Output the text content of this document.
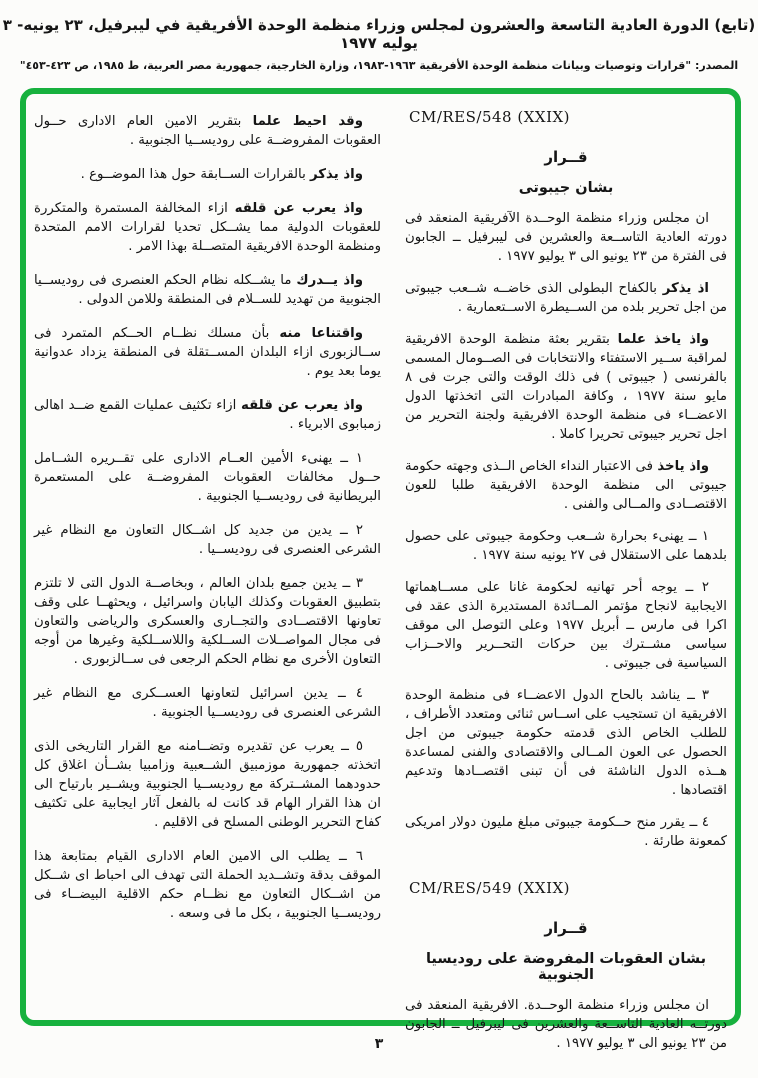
(تابع) الدورة العادية التاسعة والعشرون لمجلس وزراء منظمة الوحدة الأفريقية في ليبرفيل، ٢٣ يونيه- ٣ يوليه ١٩٧٧
المصدر: "قرارات وتوصيات وبيانات منظمة الوحدة الأفريقية ١٩٦٣-١٩٨٣، وزارة الخارجية، جمهورية مصر العربية، ط ١٩٨٥، ص ٤٢٣-٤٥٣"
CM/RES/548 (XXIX)
قــرار
بشان جيبوتى

ان مجلس وزراء منظمة الوحــدة الآفريقية المنعقد فى دورته العادية التاســعة والعشرين فى ليبرفيل ــ الجابون فى الفترة من ٢٣ يونيو الى ٣ يوليو ١٩٧٧ .

اذ يذكر بالكفاح البطولى الذى خاضــه شــعب جيبوتى من اجل تحرير بلده من الســيطرة الاســتعمارية .

واذ ياخذ علما بتقرير بعثة منظمة الوحدة الافريقية لمراقبة ســير الاستفتاء والانتخابات فى الصــومال المسمى بالفرنسى ( جيبوتى ) فى ذلك الوقت والتى جرت فى ٨ مايو سنة ١٩٧٧ ، وكافة المبادرات التى اتخذتها الدول الاعضــاء فى منظمة الوحدة الافريقية ولجنة التحرير من اجل تحرير جيبوتى تحريرا كاملا .

واذ ياخذ فى الاعتبار النداء الخاص الــذى وجهته حكومة جيبوتى الى منظمة الوحدة الافريقية طلبا للعون الاقتصــادى والمــالى والفنى .

١ ــ يهنىء بحرارة شــعب وحكومة جيبوتى على حصول بلدهما على الاستقلال فى ٢٧ يونيه سنة ١٩٧٧ .

٢ ــ يوجه أحر تهانيه لحكومة غانا على مســاهماتها الايجابية لانجاح مؤتمر المــائدة المستديرة الذى عقد فى اكرا فى مارس ــ أبريل ١٩٧٧ وعلى التوصل الى موقف سياسى مشــترك بين حركات التحــرير والاحــزاب السياسية فى جيبوتى .

٣ ــ يناشد بالحاح الدول الاعضــاء فى منظمة الوحدة الافريقية ان تستجيب على اســاس ثنائى ومتعدد الأطراف ، للطلب الخاص الذى قدمته حكومة جيبوتى من اجل الحصول عى العون المــالى والاقتصادى والفنى لمساعدة هــذه الدول الناشئة فى أن تبنى اقتصــادها وتدعيم اقتصادها .

٤ ــ يقرر منح حــكومة جيبوتى مبلغ مليون دولار امريكى كمعونة طارئة .

CM/RES/549 (XXIX)
قــرار
بشان العقوبات المفروضة على روديسيا الجنوبية

ان مجلس وزراء منظمة الوحــدة. الافريقية المنعقد فى دورتــه العادية التاســعة والعشرين فى ليبرفيل ــ الجابون من ٢٣ يونيو الى ٣ يوليو ١٩٧٧ .

وقد احيط علما بتقرير الامين العام الادارى حــول العقوبات المفروضــة على روديســيا الجنوبية .

واذ يذكر بالقرارات الســابقة حول هذا الموضــوع .

واذ يعرب عن قلقه ازاء المخالفة المستمرة والمتكررة للعقوبات الدولية مما يشــكل تحديا لقرارات الامم المتحدة ومنظمة الوحدة الافريقية المتصــلة بهذا الامر .

واذ يــدرك ما يشــكله نظام الحكم العنصرى فى روديســيا الجنوبية من تهديد للســلام فى المنطقة وللامن الدولى .

واقتناعا منه بأن مسلك نظــام الحــكم المتمرد فى ســالزبورى ازاء البلدان المســتقلة فى المنطقة يزداد عدوانية يوما بعد يوم .

واذ يعرب عن قلقه ازاء تكثيف عمليات القمع ضــد اهالى زمبابوى الابرياء .

١ ــ يهنىء الأمين العــام الادارى على تقــريره الشــامل حــول مخالفات العقوبات المفروضــة على المستعمرة البريطانية فى روديســيا الجنوبية .

٢ ــ يدين من جديد كل اشــكال التعاون مع النظام غير الشرعى العنصرى فى روديســيا .

٣ ــ يدين جميع بلدان العالم ، وبخاصــة الدول التى لا تلتزم بتطبيق العقوبات وكذلك اليابان واسرائيل ، ويحثهــا على وقف تعاونها الاقتصــادى والتجــارى والعسكرى والرياضى والتعاون فى مجال المواصــلات الســلكية واللاســلكية وغيرها من أوجه التعاون الأخرى مع نظام الحكم الرجعى فى ســالزبورى .

٤ ــ يدين اسرائيل لتعاونها العســكرى مع النظام غير الشرعى العنصرى فى روديســيا الجنوبية .

٥ ــ يعرب عن تقديره وتضــامنه مع القرار التاريخى الذى اتخذته جمهورية موزمبيق الشــعبية وزامبيا بشــأن اغلاق كل حدودهما المشــتركة مع روديســيا الجنوبية ويشــير بارتياح الى ان هذا القرار الهام قد كانت له بالفعل آثار ايجابية على تكثيف كفاح التحرير الوطنى المسلح فى الاقليم .

٦ ــ يطلب الى الامين العام الادارى القيام بمتابعة هذا الموقف بدقة وتشــديد الحملة التى تهدف الى احباط اى شــكل من اشــكال التعاون مع نظــام حكم الاقلية البيضــاء فى روديســيا الجنوبية ، بكل ما فى وسعه .

٣
